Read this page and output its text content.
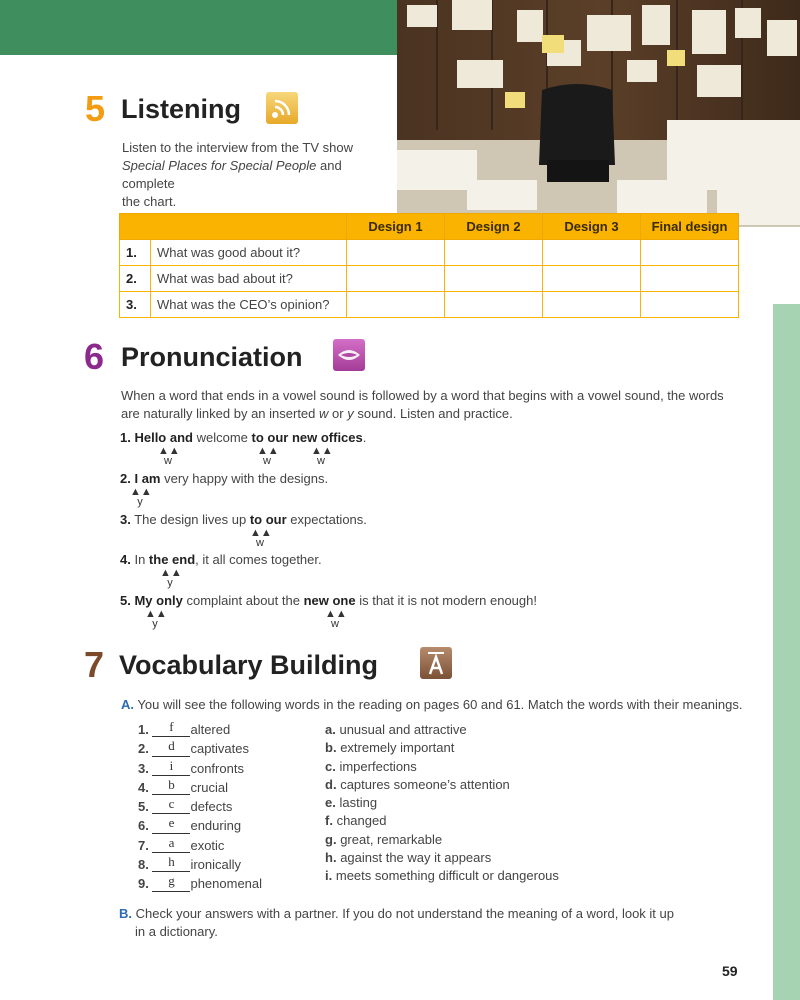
5 Listening

Listen to the interview from the TV show

Special Places for Special People and complete

the chart.

		Design 1	Design 2	Design 3	Final design
1.	What was good about it?				
2.	What was bad about it?				
3.	What was the CEO’s opinion?				
6 Pronunciation

When a word that ends in a vowel sound is followed by a word that begins with a vowel sound, the words

are naturally linked by an inserted w or y sound. Listen and practice.

1. Hello and welcome to our new offices.
2. I am very happy with the designs.
3. The design lives up to our expectations.
4. In the end, it all comes together.
5. My only complaint about the new one is that it is not modern enough!
▲▲
w
▲▲
w
▲▲
w
▲▲
y
▲▲
w
▲▲
y
▲▲
y
▲▲
w
7 Vocabulary Building
A. You will see the following words in the reading on pages 60 and 61. Match the words with their meanings.
1. f altered
2. d captivates
3. i confronts
4. b crucial
5. c defects
6. e enduring
7. a exotic
8. h ironically
9. g phenomenal
a. unusual and attractive
b. extremely important
c. imperfections
d. captures someone’s attention
e. lasting
f. changed
g. great, remarkable
h. against the way it appears
i. meets something difficult or dangerous

B. Check your answers with a partner. If you do not understand the meaning of a word, look it up

in a dictionary.

59
